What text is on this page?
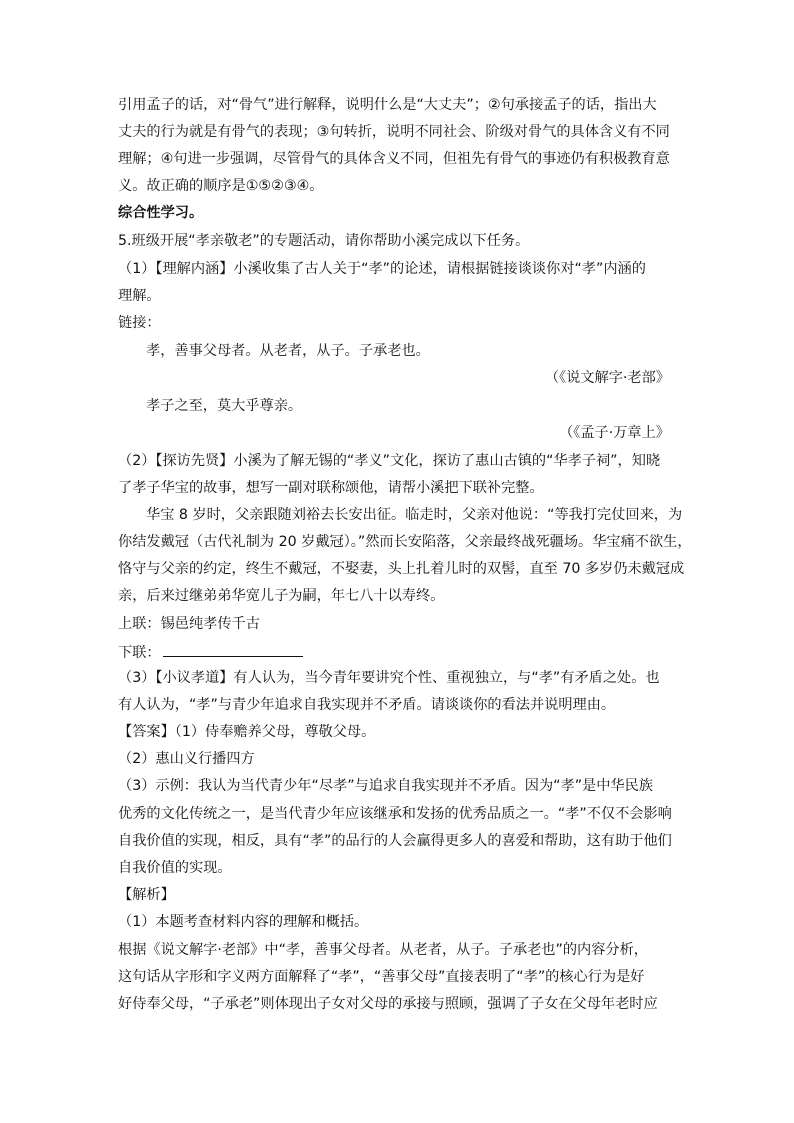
引用孟子的话，对“骨气”进行解释，说明什么是“大丈夫”；②句承接孟子的话，指出大
丈夫的行为就是有骨气的表现；③句转折，说明不同社会、阶级对骨气的具体含义有不同
理解；④句进一步强调，尽管骨气的具体含义不同，但祖先有骨气的事迹仍有积极教育意
义。故正确的顺序是①⑤②③④。
综合性学习。
5.班级开展“孝亲敬老”的专题活动，请你帮助小溪完成以下任务。
（1）【理解内涵】小溪收集了古人关于“孝”的论述，请根据链接谈谈你对“孝”内涵的
理解。
链接：
孝，善事父母者。从老者，从子。子承老也。
（《说文解字·老部》
孝子之至，莫大乎尊亲。
（《孟子·万章上》
（2）【探访先贤】小溪为了解无锡的“孝义”文化，探访了惠山古镇的“华孝子祠”，知晓
了孝子华宝的故事，想写一副对联称颂他，请帮小溪把下联补完整。
华宝 8 岁时，父亲跟随刘裕去长安出征。临走时，父亲对他说：“等我打完仗回来，为
你结发戴冠（古代礼制为 20 岁戴冠）。”然而长安陷落，父亲最终战死疆场。华宝痛不欲生，
恪守与父亲的约定，终生不戴冠，不娶妻，头上扎着儿时的双髻，直至 70 多岁仍未戴冠成
亲，后来过继弟弟华宽儿子为嗣，年七八十以寿终。
上联：锡邑纯孝传千古
下联：
（3）【小议孝道】有人认为，当今青年要讲究个性、重视独立，与“孝”有矛盾之处。也
有人认为，“孝”与青少年追求自我实现并不矛盾。请谈谈你的看法并说明理由。
【答案】（1）侍奉赡养父母，尊敬父母。
（2）惠山义行播四方
（3）示例：我认为当代青少年“尽孝”与追求自我实现并不矛盾。因为“孝”是中华民族
优秀的文化传统之一，是当代青少年应该继承和发扬的优秀品质之一。“孝”不仅不会影响
自我价值的实现，相反，具有“孝”的品行的人会赢得更多人的喜爱和帮助，这有助于他们
自我价值的实现。
【解析】
（1）本题考查材料内容的理解和概括。
根据《说文解字·老部》中“孝，善事父母者。从老者，从子。子承老也”的内容分析，
这句话从字形和字义两方面解释了“孝”，“善事父母”直接表明了“孝”的核心行为是好
好侍奉父母，“子承老”则体现出子女对父母的承接与照顾，强调了子女在父母年老时应
